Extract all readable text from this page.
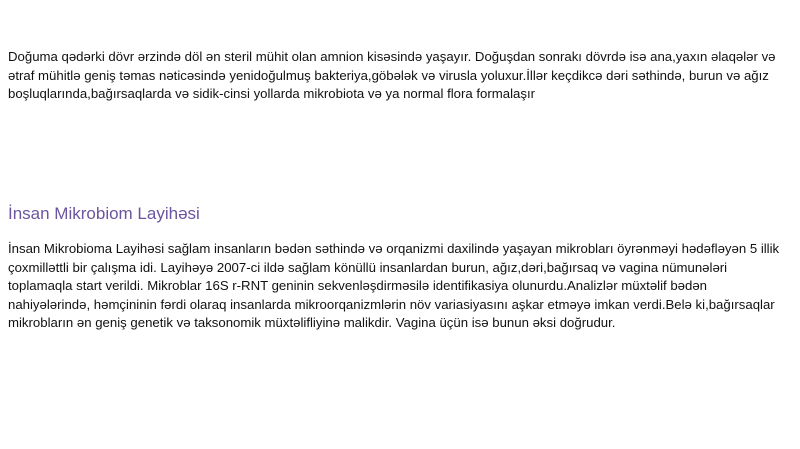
Doğuma qədərki dövr ərzində döl ən steril mühit olan amnion kisəsində yaşayır. Doğuşdan sonrakı dövrdə isə ana,yaxın əlaqələr və ətraf mühitlə geniş təmas nəticəsində yenidoğulmuş bakteriya,göbələk və virusla yoluxur.İllər keçdikcə dəri səthində, burun və ağız boşluqlarında,bağırsaqlarda və sidik-cinsi yollarda mikrobiota və ya normal flora formalaşır

İnsan Mikrobiom Layihəsi

İnsan Mikrobioma Layihəsi sağlam insanların bədən səthində və orqanizmi daxilində yaşayan mikrobları öyrənməyi hədəfləyən 5 illik çoxmilləttli bir çalışma idi. Layihəyə 2007-ci ildə sağlam könüllü insanlardan burun, ağız,dəri,bağırsaq və vagina nümunələri toplamaqla start verildi. Mikroblar 16S r-RNT geninin sekvenləşdirməsilə identifikasiya olunurdu.Analizlər müxtəlif bədən nahiyələrində, həmçininin fərdi olaraq insanlarda mikroorqanizmlərin növ variasiyasını aşkar etməyə imkan verdi.Belə ki,bağırsaqlar mikrobların ən geniş genetik və taksonomik müxtəlifliyinə malikdir. Vagina üçün isə bunun əksi doğrudur.
